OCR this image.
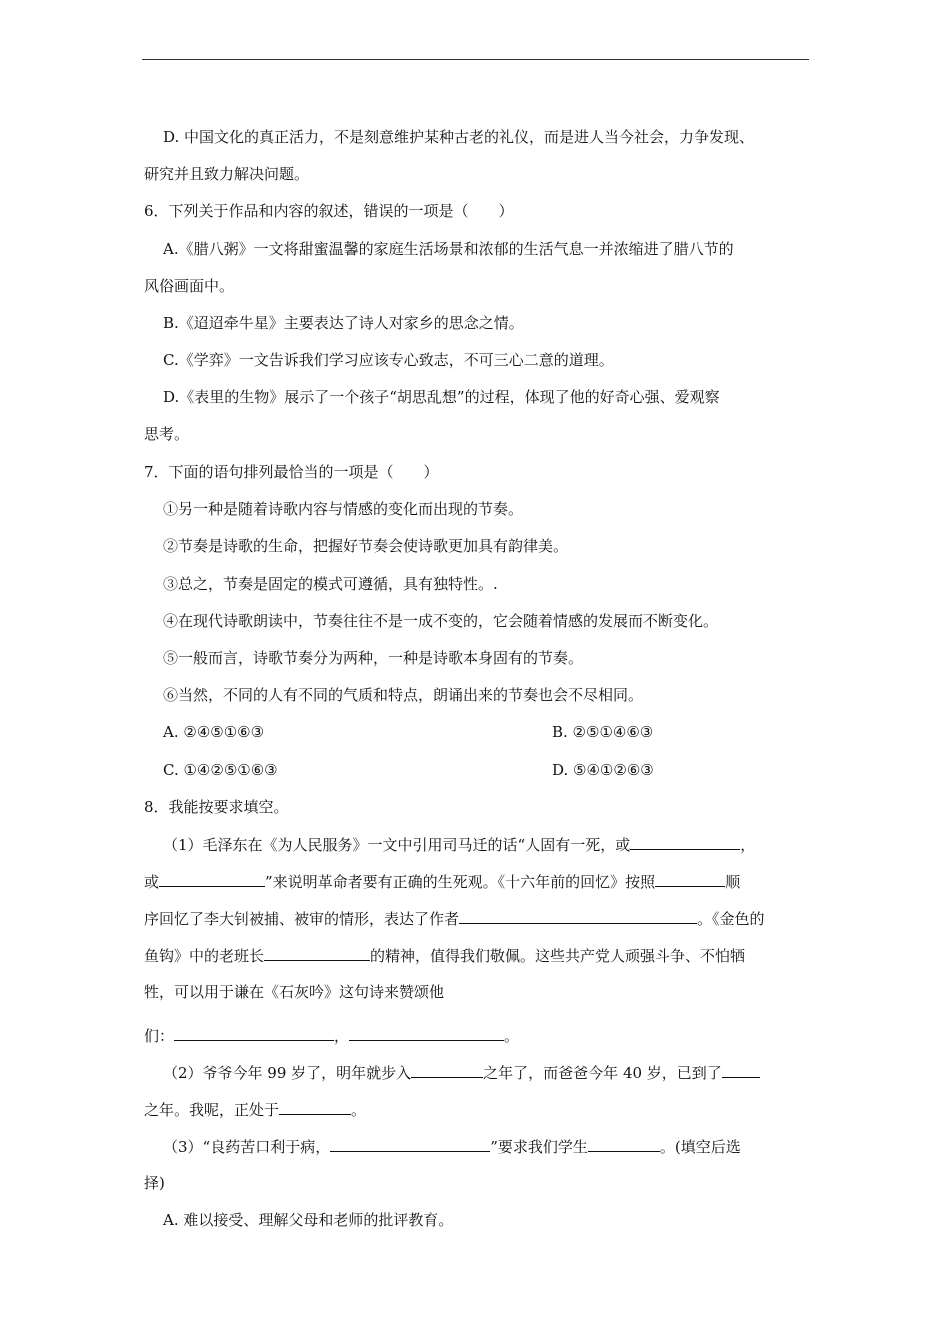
D. 中国文化的真正活力，不是刻意维护某种古老的礼仪，而是进人当今社会，力争发现、
研究并且致力解决问题。
6．下列关于作品和内容的叙述，错误的一项是（　　）
A.《腊八粥》一文将甜蜜温馨的家庭生活场景和浓郁的生活气息一并浓缩进了腊八节的
风俗画面中。
B.《迢迢牵牛星》主要表达了诗人对家乡的思念之情。
C.《学弈》一文告诉我们学习应该专心致志，不可三心二意的道理。
D.《表里的生物》展示了一个孩子“胡思乱想”的过程，体现了他的好奇心强、爱观察
思考。
7．下面的语句排列最恰当的一项是（　　）
①另一种是随着诗歌内容与情感的变化而出现的节奏。
②节奏是诗歌的生命，把握好节奏会使诗歌更加具有韵律美。
③总之，节奏是固定的模式可遵循，具有独特性。.
④在现代诗歌朗读中，节奏往往不是一成不变的，它会随着情感的发展而不断变化。
⑤一般而言，诗歌节奏分为两种，一种是诗歌本身固有的节奏。
⑥当然，不同的人有不同的气质和特点，朗诵出来的节奏也会不尽相同。
A. ②④⑤①⑥③	B. ②⑤①④⑥③
C. ①④②⑤①⑥③	D. ⑤④①②⑥③
8．我能按要求填空。
（1）毛泽东在《为人民服务》一文中引用司马迁的话“人固有一死，或	，
或	”来说明革命者要有正确的生死观。《十六年前的回忆》按照	顺
序回忆了李大钊被捕、被审的情形，表达了作者	。《金色的
鱼钩》中的老班长	的精神，值得我们敬佩。这些共产党人顽强斗争、不怕牺
牲，可以用于谦在《石灰吟》这句诗来赞颂他
们：	，	。
（2）爷爷今年 99 岁了，明年就步入	之年了，而爸爸今年 40 岁，已到了
之年。我呢，正处于	。
（3）“良药苦口利于病，	”要求我们学生	。(填空后选
择)
A. 难以接受、理解父母和老师的批评教育。
